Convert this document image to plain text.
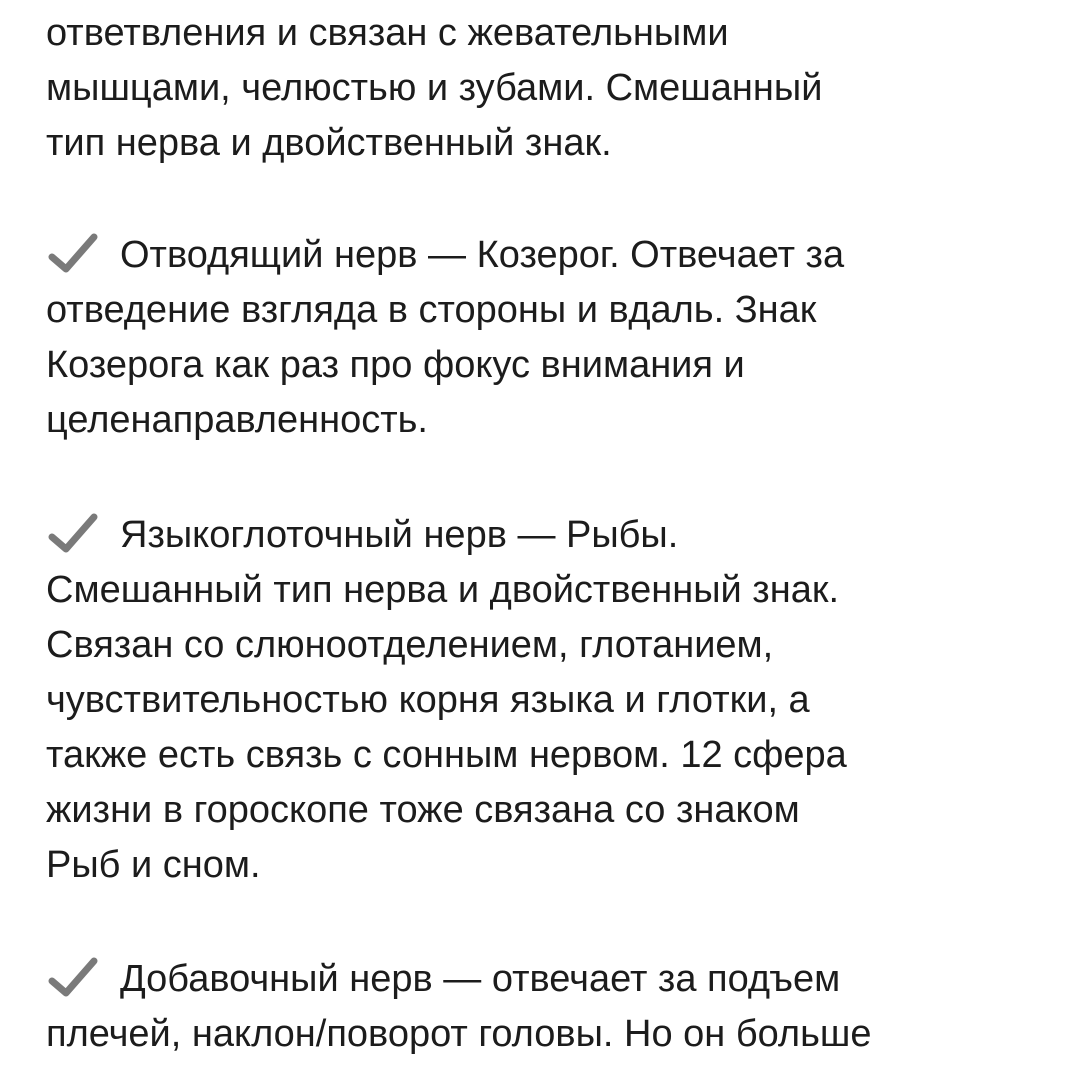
ответвления и связан с жевательными
мышцами, челюстью и зубами. Смешанный
тип нерва и двойственный знак.
Отводящий нерв — Козерог. Отвечает за
отведение взгляда в стороны и вдаль. Знак
Козерога как раз про фокус внимания и
целенаправленность.
Языкоглоточный нерв — Рыбы.
Смешанный тип нерва и двойственный знак.
Связан со слюноотделением, глотанием,
чувствительностью корня языка и глотки, а
также есть связь с сонным нервом. 12 сфера
жизни в гороскопе тоже связана со знаком
Рыб и сном.
Добавочный нерв — отвечает за подъем
плечей, наклон/поворот головы. Но он больше
